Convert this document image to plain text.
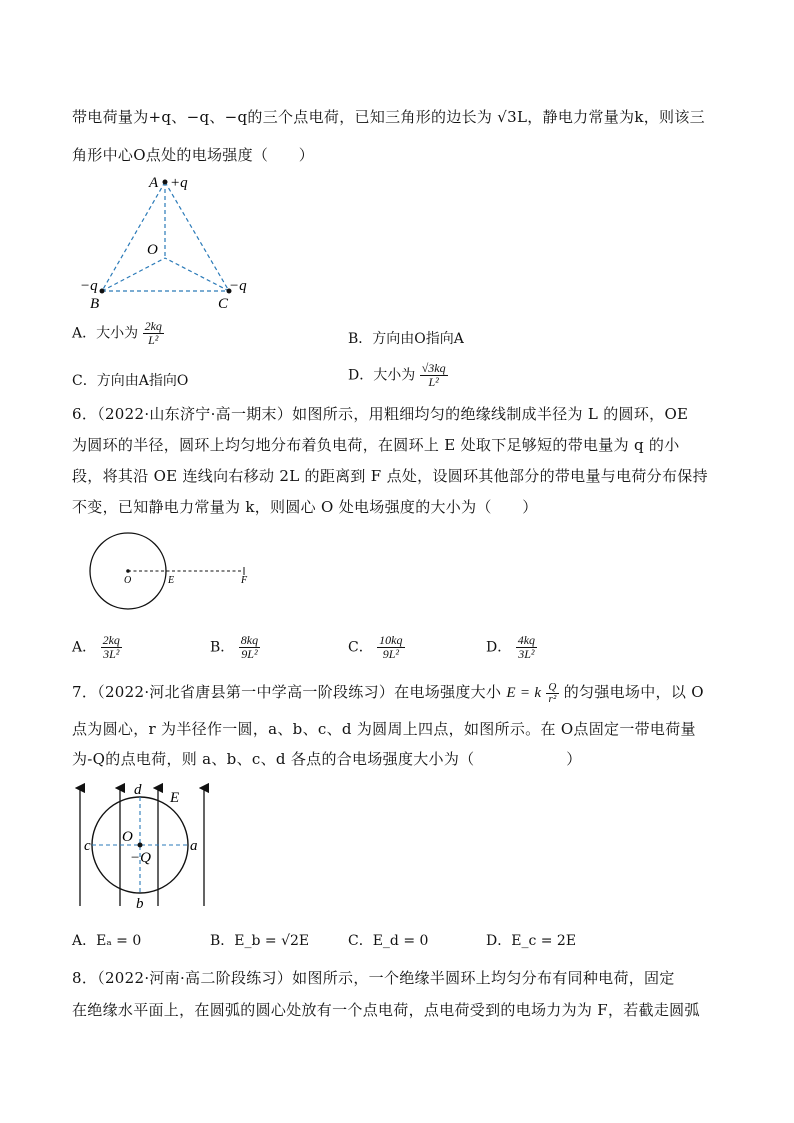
带电荷量为+q、−q、−q的三个点电荷，已知三角形的边长为 √3L，静电力常量为k，则该三
角形中心O点处的电场强度（　　）
A +q
O
−q
B
−q
C
A．大小为 $\frac{2kq}{\text{L²}}$	B．方向由O指向A
C．方向由A指向O	D．大小为 $\frac{√3kq}{\text{L²}}$
6．（2022·山东济宁·高一期末）如图所示，用粗细均匀的绝缘线制成半径为 L 的圆环，OE
为圆环的半径，圆环上均匀地分布着负电荷，在圆环上 E 处取下足够短的带电量为 q 的小
段，将其沿 OE 连线向右移动 2L 的距离到 F 点处，设圆环其他部分的带电量与电荷分布保持
不变，已知静电力常量为 k，则圆心 O 处电场强度的大小为（　　）
O	E	F
A． $\frac{2kq}{\text{3L²}}$	B． $\frac{8kq}{\text{9L²}}$	C． $\frac{10kq}{\text{9L²}}$	D． $\frac{4kq}{\text{3L²}}$
7．（2022·河北省唐县第一中学高一阶段练习）在电场强度大小 E = k $\frac{Q}{\text{r²}}$ 的匀强电场中，以 O
点为圆心，r 为半径作一圆，a、b、c、d 为圆周上四点，如图所示。在 O点固定一带电荷量
为-Q的点电荷，则 a、b、c、d 各点的合电场强度大小为（　　　　　　）
d E
O
c	a
−Q
b
A．Eₐ = 0	B．E_b = √2E	C．E_d = 0	D．E_c = 2E
8．（2022·河南·高二阶段练习）如图所示，一个绝缘半圆环上均匀分布有同种电荷，固定
在绝缘水平面上，在圆弧的圆心处放有一个点电荷，点电荷受到的电场力为为 F，若截走圆弧
